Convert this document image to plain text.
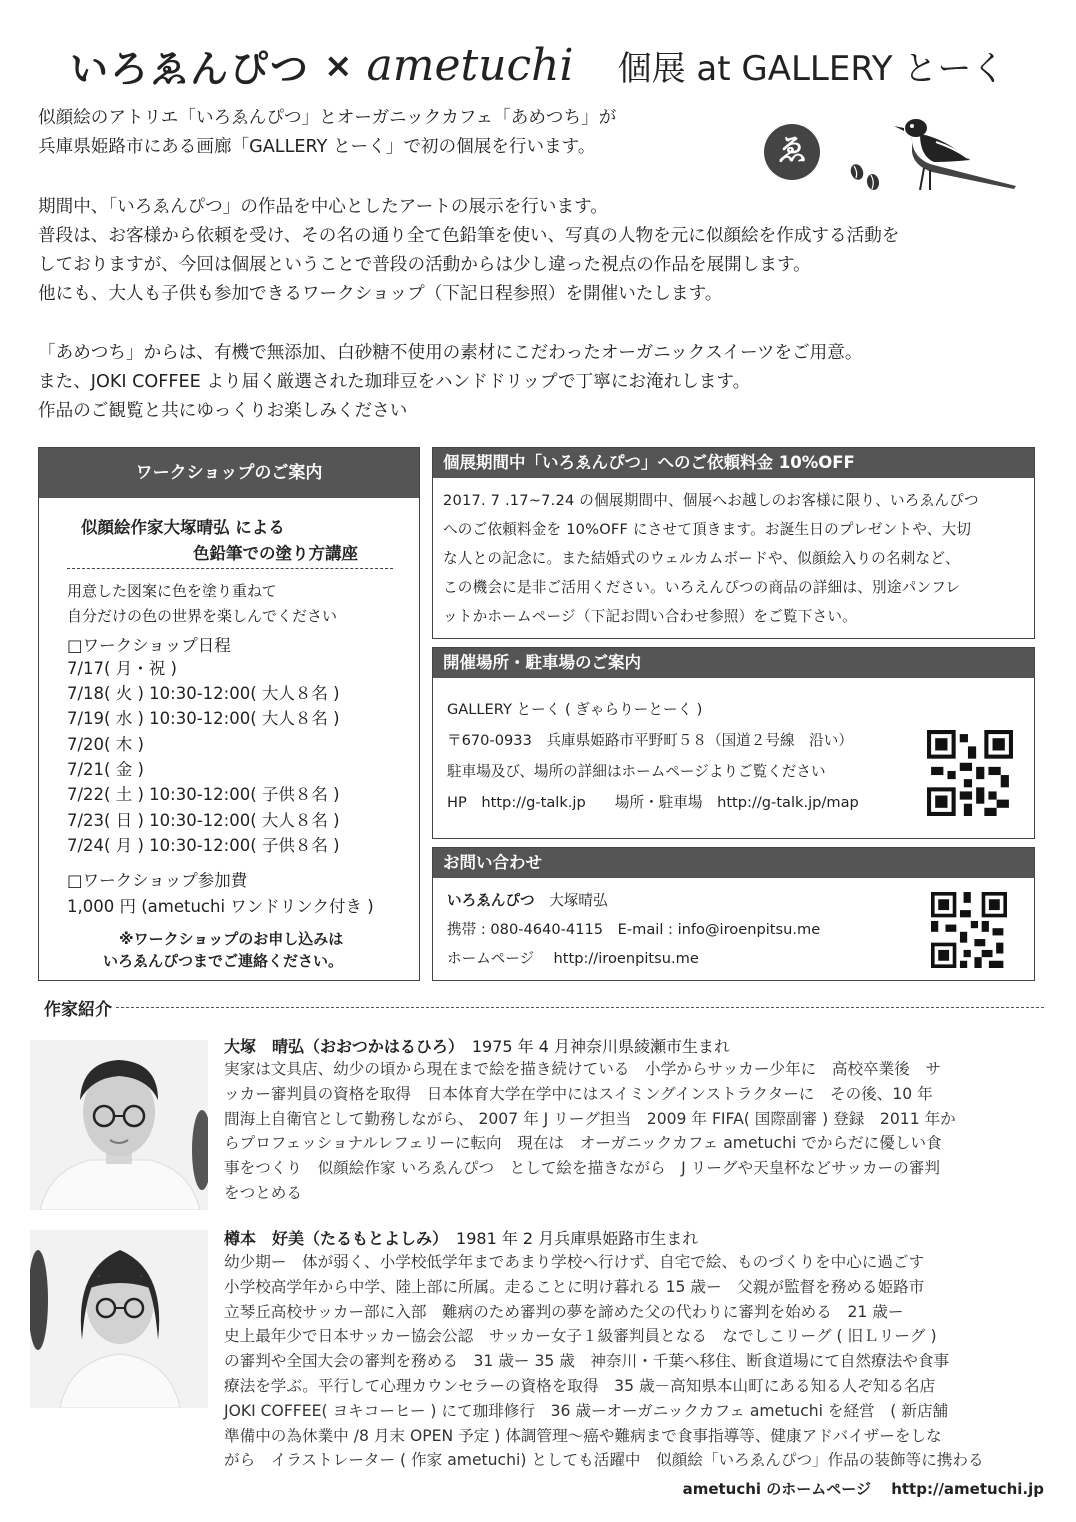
いろゑんぴつ × ametuchi 個展 at GALLERY とーく
似顔絵のアトリエ「いろゑんぴつ」とオーガニックカフェ「あめつち」が
兵庫県姫路市にある画廊「GALLERY とーく」で初の個展を行います。
期間中、「いろゑんぴつ」の作品を中心としたアートの展示を行います。
普段は、お客様から依頼を受け、その名の通り全て色鉛筆を使い、写真の人物を元に似顔絵を作成する活動を
しておりますが、今回は個展ということで普段の活動からは少し違った視点の作品を展開します。
他にも、大人も子供も参加できるワークショップ（下記日程参照）を開催いたします。
「あめつち」からは、有機で無添加、白砂糖不使用の素材にこだわったオーガニックスイーツをご用意。
また、JOKI COFFEE より届く厳選された珈琲豆をハンドドリップで丁寧にお淹れします。
作品のご観覧と共にゆっくりお楽しみください
ゑ
ワークショップのご案内
似顔絵作家大塚晴弘 による
色鉛筆での塗り方講座
用意した図案に色を塗り重ねて
自分だけの色の世界を楽しんでください
□ワークショップ日程
7/17( 月・祝 )
7/18( 火 ) 10:30-12:00( 大人８名 )
7/19( 水 ) 10:30-12:00( 大人８名 )
7/20( 木 )
7/21( 金 )
7/22( 土 ) 10:30-12:00( 子供８名 )
7/23( 日 ) 10:30-12:00( 大人８名 )
7/24( 月 ) 10:30-12:00( 子供８名 )
□ワークショップ参加費
1,000 円 (ametuchi ワンドリンク付き )
※ワークショップのお申し込みは
いろゑんぴつまでご連絡ください。
個展期間中「いろゑんぴつ」へのご依頼料金 10%OFF
2017. 7 .17~7.24 の個展期間中、個展へお越しのお客様に限り、いろゑんぴつ
へのご依頼料金を 10%OFF にさせて頂きます。お誕生日のプレゼントや、大切
な人との記念に。また結婚式のウェルカムボードや、似顔絵入りの名刺など、
この機会に是非ご活用ください。いろえんぴつの商品の詳細は、別途パンフレ
ットかホームページ（下記お問い合わせ参照）をご覧下さい。
開催場所・駐車場のご案内
GALLERY とーく ( ぎゃらりーとーく )
〒670-0933　兵庫県姫路市平野町５８（国道２号線　沿い）
駐車場及び、場所の詳細はホームページよりご覧ください
HP　http://g-talk.jp　　場所・駐車場　http://g-talk.jp/map
お問い合わせ
いろゑんぴつ　 大塚晴弘
携帯 : 080-4640-4115　E-mail : info@iroenpitsu.me
ホームページ　 http://iroenpitsu.me
作家紹介
大塚　晴弘（おおつかはるひろ）　 1975 年 4 月神奈川県綾瀬市生まれ
実家は文具店、幼少の頃から現在まで絵を描き続けている　小学からサッカー少年に　高校卒業後　サ
ッカー審判員の資格を取得　日本体育大学在学中にはスイミングインストラクターに　その後、10 年
間海上自衛官として勤務しながら、 2007 年 J リーグ担当　2009 年 FIFA( 国際副審 ) 登録　2011 年か
らプロフェッショナルレフェリーに転向　現在は　オーガニックカフェ ametuchi でからだに優しい食
事をつくり　似顔絵作家 いろゑんぴつ　として絵を描きながら　J リーグや天皇杯などサッカーの審判
をつとめる
樽本　好美（たるもとよしみ）　 1981 年 2 月兵庫県姫路市生まれ
幼少期ー　体が弱く、小学校低学年まであまり学校へ行けず、自宅で絵、ものづくりを中心に過ごす
小学校高学年から中学、陸上部に所属。走ることに明け暮れる 15 歳ー　父親が監督を務める姫路市
立琴丘高校サッカー部に入部　難病のため審判の夢を諦めた父の代わりに審判を始める　21 歳ー
史上最年少で日本サッカー協会公認　サッカー女子１級審判員となる　なでしこリーグ ( 旧Ｌリーグ )
の審判や全国大会の審判を務める　31 歳ー 35 歳　神奈川・千葉へ移住、断食道場にて自然療法や食事
療法を学ぶ。平行して心理カウンセラーの資格を取得　35 歳－高知県本山町にある知る人ぞ知る名店
JOKI COFFEE( ヨキコーヒー ) にて珈琲修行　36 歳ーオーガニックカフェ ametuchi を経営　( 新店舗
準備中の為休業中 /8 月末 OPEN 予定 ) 体調管理～癌や難病まで食事指導等、健康アドバイザーをしな
がら　イラストレーター ( 作家 ametuchi) としても活躍中　似顔絵「いろゑんぴつ」作品の装飾等に携わる
ametuchi のホームページ　 http://ametuchi.jp
